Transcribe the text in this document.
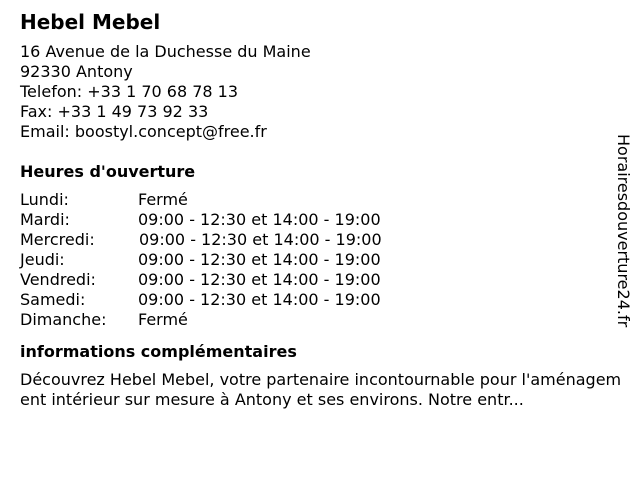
Hebel Mebel
16 Avenue de la Duchesse du Maine
92330 Antony
Telefon: +33 1 70 68 78 13
Fax: +33 1 49 73 92 33
Email: boostyl.concept@free.fr
Heures d'ouverture
Lundi:	Fermé
Mardi:	09:00 - 12:30 et 14:00 - 19:00
Mercredi:	09:00 - 12:30 et 14:00 - 19:00
Jeudi:	09:00 - 12:30 et 14:00 - 19:00
Vendredi:	09:00 - 12:30 et 14:00 - 19:00
Samedi:	09:00 - 12:30 et 14:00 - 19:00
Dimanche: Fermé
informations complémentaires
Découvrez Hebel Mebel, votre partenaire incontournable pour l'aménagement intérieur sur mesure à Antony et ses environs. Notre entr...
Horairesdouverture24.fr
